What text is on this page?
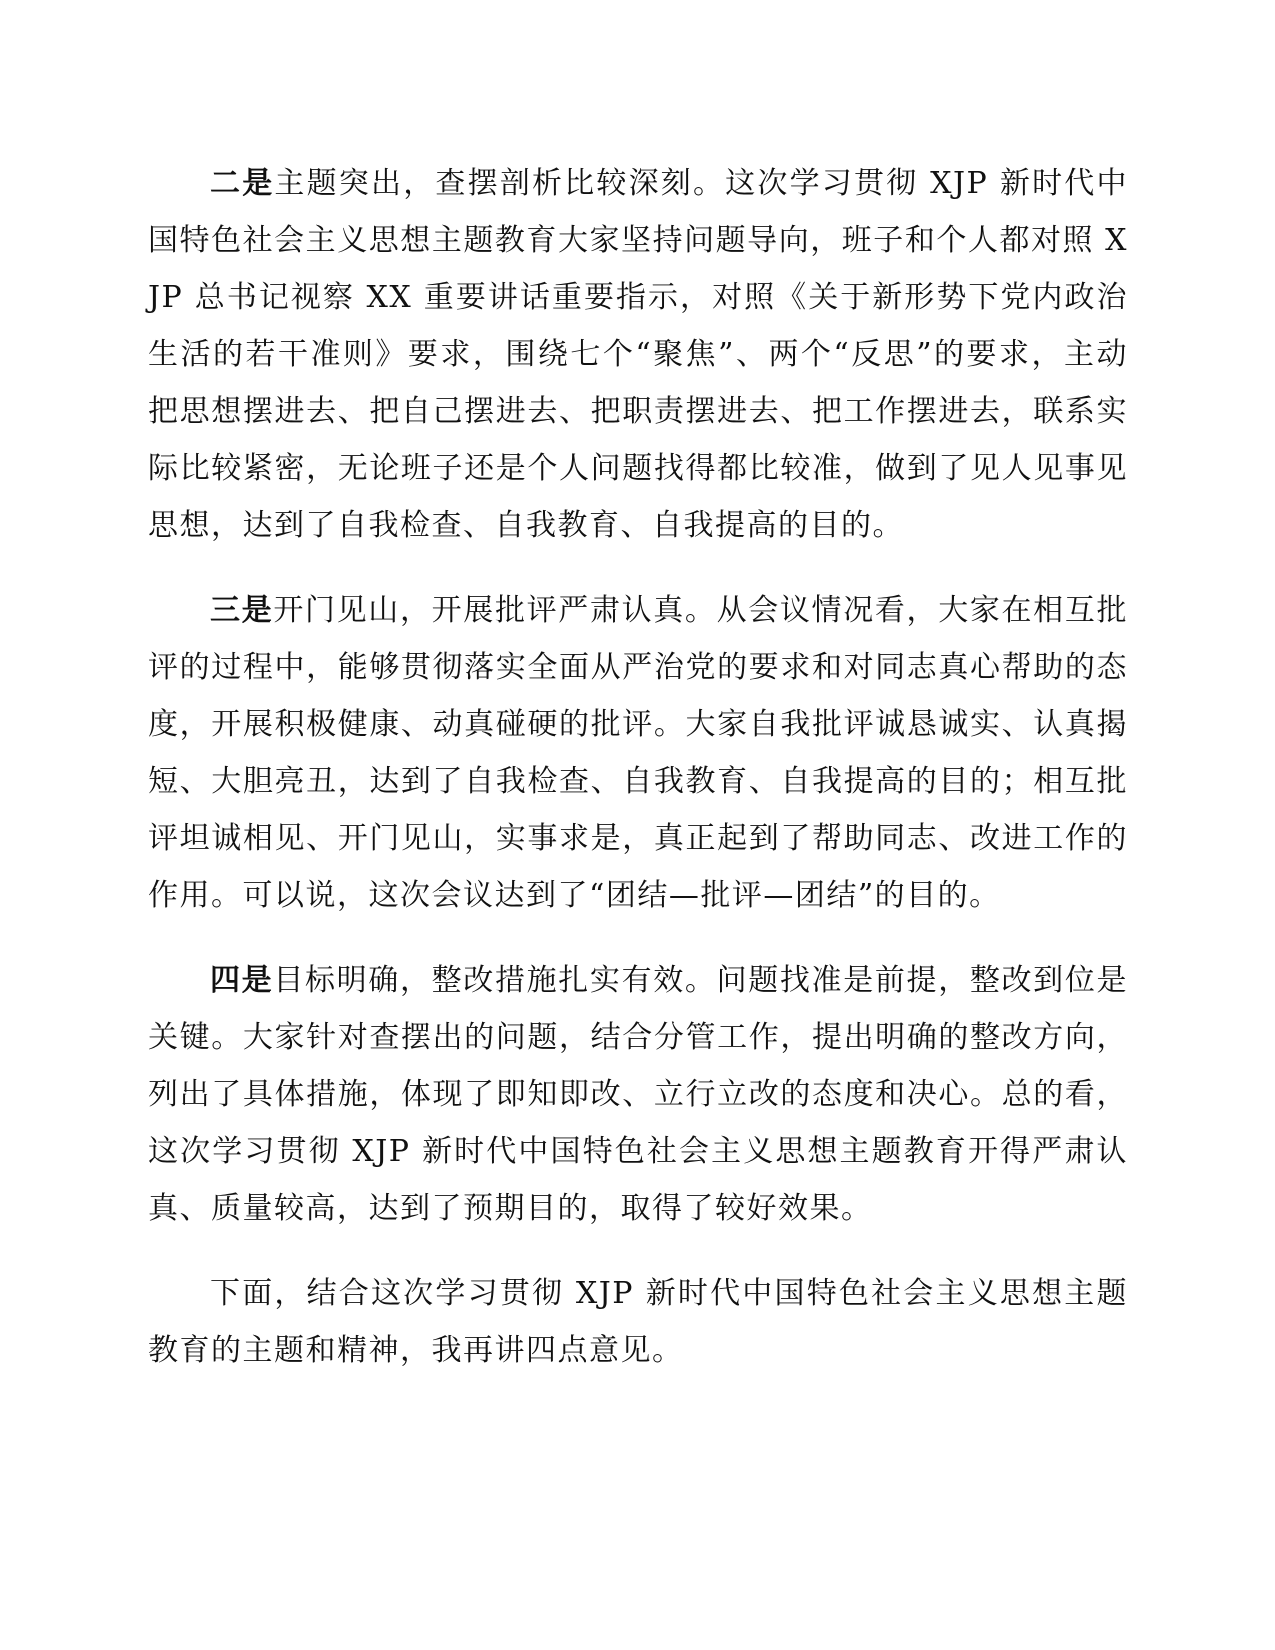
二是主题突出，查摆剖析比较深刻。这次学习贯彻 XJP 新时代中国特色社会主义思想主题教育大家坚持问题导向，班子和个人都对照 XJP 总书记视察 XX 重要讲话重要指示，对照《关于新形势下党内政治生活的若干准则》要求，围绕七个“聚焦”、两个“反思”的要求，主动把思想摆进去、把自己摆进去、把职责摆进去、把工作摆进去，联系实际比较紧密，无论班子还是个人问题找得都比较准，做到了见人见事见思想，达到了自我检查、自我教育、自我提高的目的。

三是开门见山，开展批评严肃认真。从会议情况看，大家在相互批评的过程中，能够贯彻落实全面从严治党的要求和对同志真心帮助的态度，开展积极健康、动真碰硬的批评。大家自我批评诚恳诚实、认真揭短、大胆亮丑，达到了自我检查、自我教育、自我提高的目的；相互批评坦诚相见、开门见山，实事求是，真正起到了帮助同志、改进工作的作用。可以说，这次会议达到了“团结—批评—团结”的目的。

四是目标明确，整改措施扎实有效。问题找准是前提，整改到位是关键。大家针对查摆出的问题，结合分管工作，提出明确的整改方向，列出了具体措施，体现了即知即改、立行立改的态度和决心。总的看，这次学习贯彻 XJP 新时代中国特色社会主义思想主题教育开得严肃认真、质量较高，达到了预期目的，取得了较好效果。

下面，结合这次学习贯彻 XJP 新时代中国特色社会主义思想主题教育的主题和精神，我再讲四点意见。
